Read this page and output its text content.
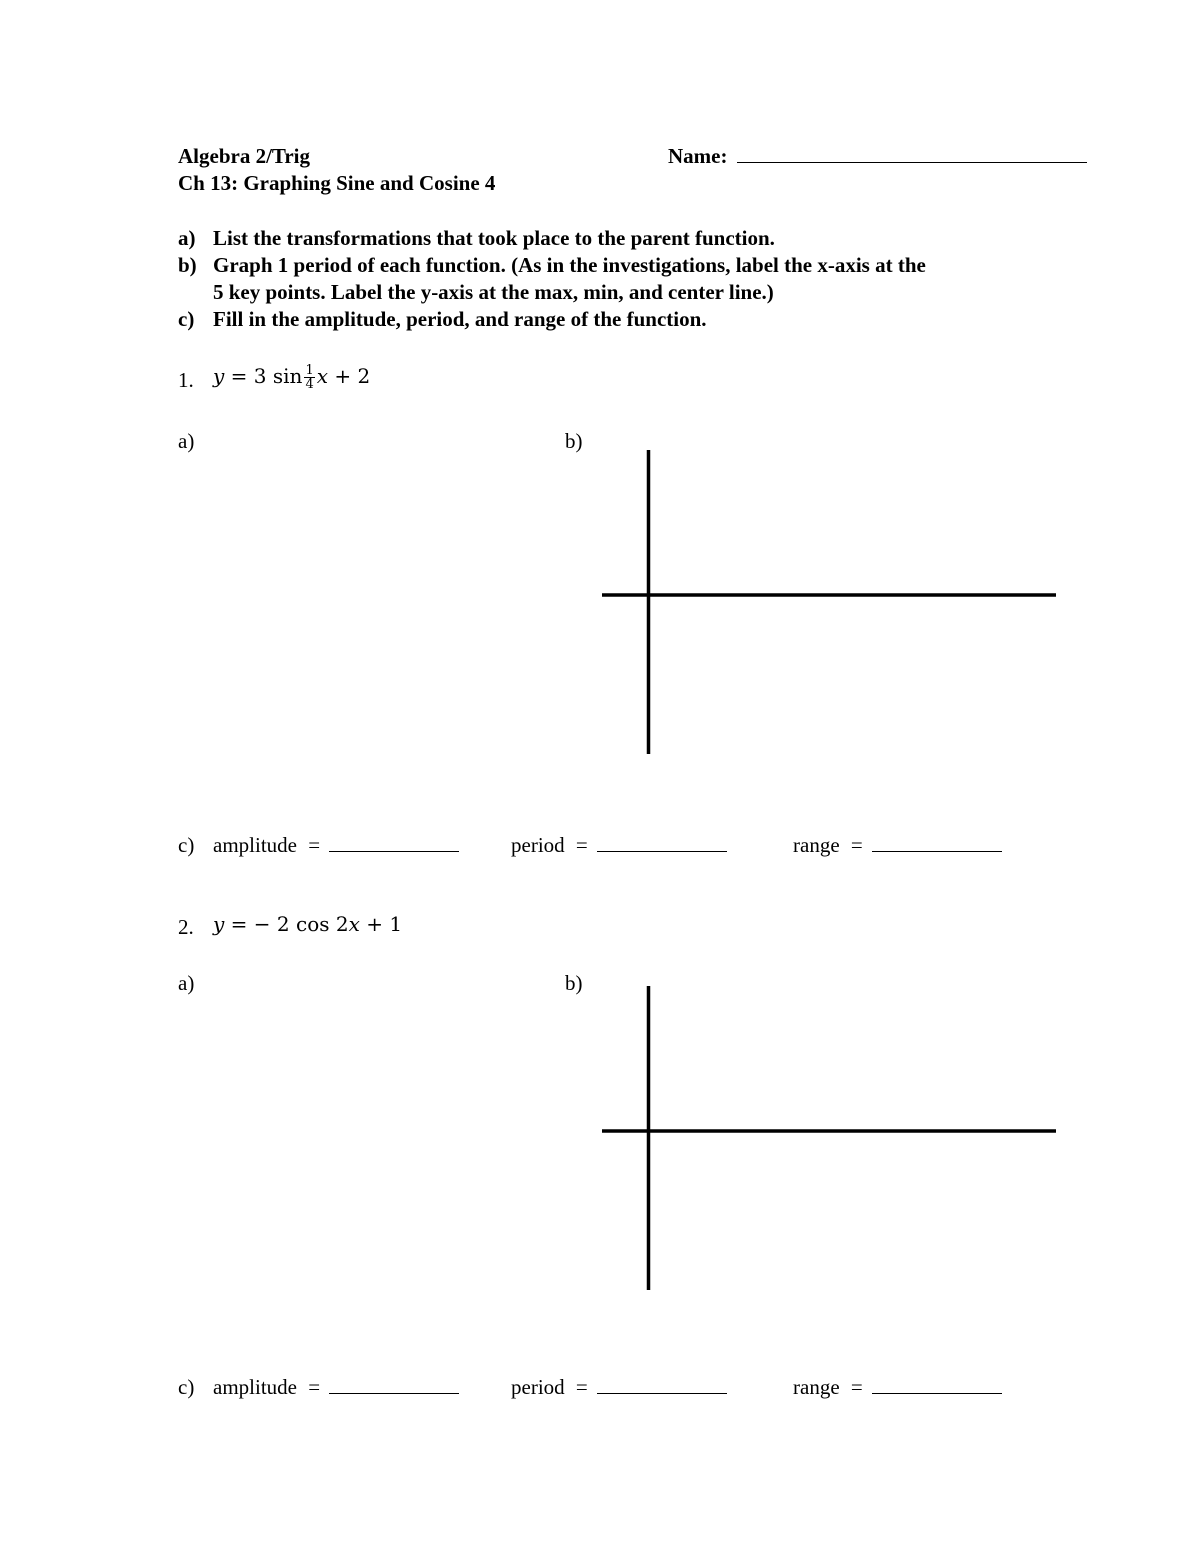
Algebra 2/Trig
Ch 13: Graphing Sine and Cosine 4
Name:
a) List the transformations that took place to the parent function.
b) Graph 1 period of each function. (As in the investigations, label the x-axis at the
5 key points. Label the y-axis at the max, min, and center line.)
c) Fill in the amplitude, period, and range of the function.
1. y = 3 $\sin \frac{1}{4}$ x + 2
a)	b)
c) amplitude =	period =	range =
2. y = − 2 cos 2x + 1
a)	b)
c) amplitude =	period =	range =
